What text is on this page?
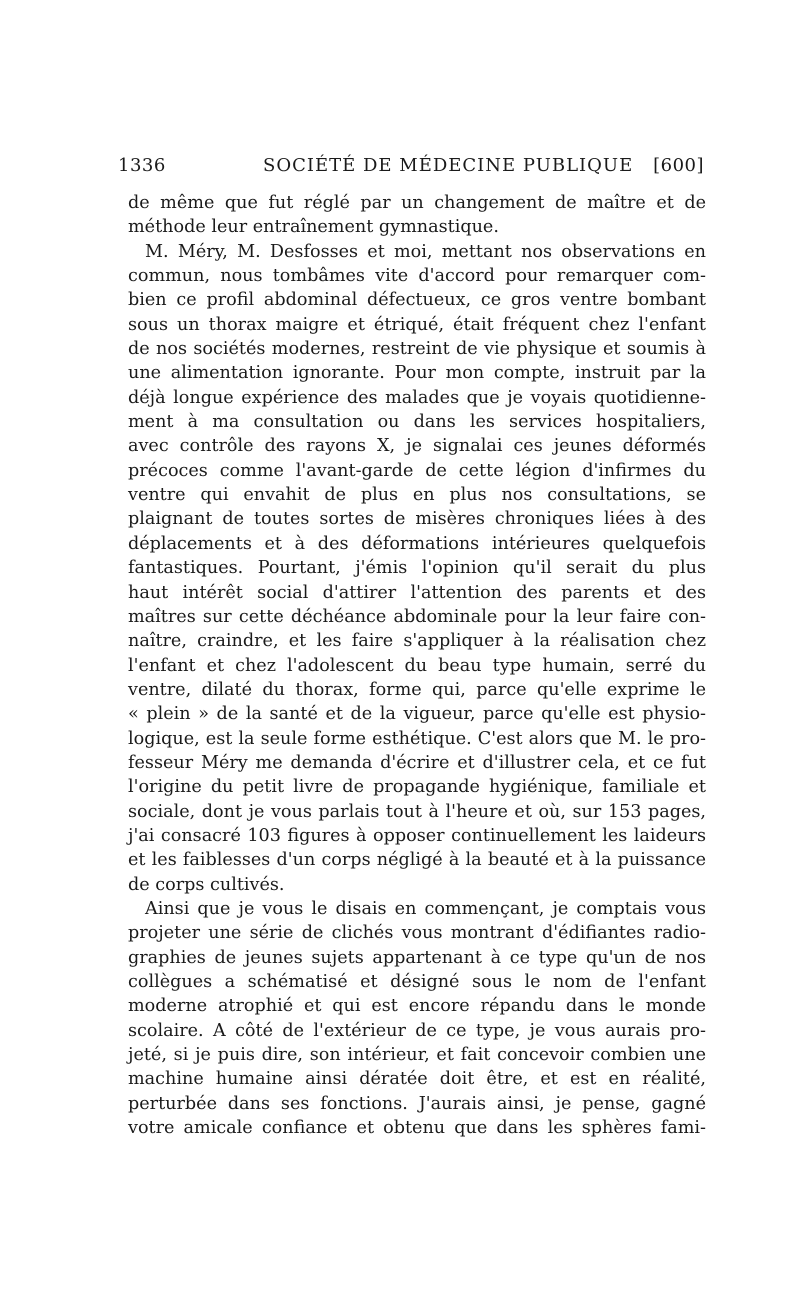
1336	SOCIÉTÉ DE MÉDECINE PUBLIQUE [600]
de même que fut réglé par un changement de maître et de
méthode leur entraînement gymnastique.
M. Méry, M. Desfosses et moi, mettant nos observations en
commun, nous tombâmes vite d'accord pour remarquer com-
bien ce profil abdominal défectueux, ce gros ventre bombant
sous un thorax maigre et étriqué, était fréquent chez l'enfant
de nos sociétés modernes, restreint de vie physique et soumis à
une alimentation ignorante. Pour mon compte, instruit par la
déjà longue expérience des malades que je voyais quotidienne-
ment à ma consultation ou dans les services hospitaliers,
avec contrôle des rayons X, je signalai ces jeunes déformés
précoces comme l'avant-garde de cette légion d'infirmes du
ventre qui envahit de plus en plus nos consultations, se
plaignant de toutes sortes de misères chroniques liées à des
déplacements et à des déformations intérieures quelquefois
fantastiques. Pourtant, j'émis l'opinion qu'il serait du plus
haut intérêt social d'attirer l'attention des parents et des
maîtres sur cette déchéance abdominale pour la leur faire con-
naître, craindre, et les faire s'appliquer à la réalisation chez
l'enfant et chez l'adolescent du beau type humain, serré du
ventre, dilaté du thorax, forme qui, parce qu'elle exprime le
« plein » de la santé et de la vigueur, parce qu'elle est physio-
logique, est la seule forme esthétique. C'est alors que M. le pro-
fesseur Méry me demanda d'écrire et d'illustrer cela, et ce fut
l'origine du petit livre de propagande hygiénique, familiale et
sociale, dont je vous parlais tout à l'heure et où, sur 153 pages,
j'ai consacré 103 figures à opposer continuellement les laideurs
et les faiblesses d'un corps négligé à la beauté et à la puissance
de corps cultivés.
Ainsi que je vous le disais en commençant, je comptais vous
projeter une série de clichés vous montrant d'édifiantes radio-
graphies de jeunes sujets appartenant à ce type qu'un de nos
collègues a schématisé et désigné sous le nom de l'enfant
moderne atrophié et qui est encore répandu dans le monde
scolaire. A côté de l'extérieur de ce type, je vous aurais pro-
jeté, si je puis dire, son intérieur, et fait concevoir combien une
machine humaine ainsi dératée doit être, et est en réalité,
perturbée dans ses fonctions. J'aurais ainsi, je pense, gagné
votre amicale confiance et obtenu que dans les sphères fami-
